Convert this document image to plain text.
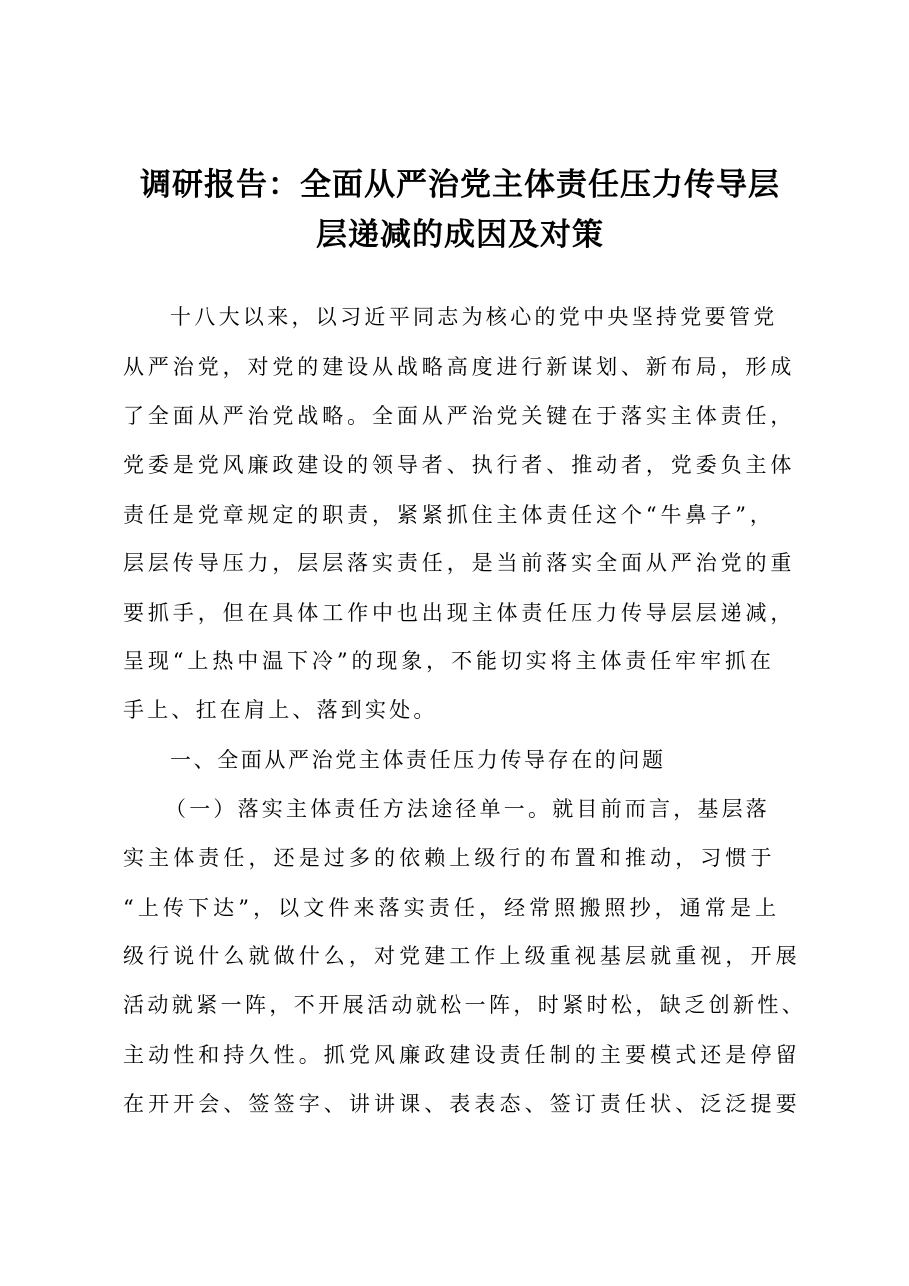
调研报告：全面从严治党主体责任压力传导层
层递减的成因及对策
十八大以来，以习近平同志为核心的党中央坚持党要管党
从严治党，对党的建设从战略高度进行新谋划、新布局，形成
了全面从严治党战略。全面从严治党关键在于落实主体责任，
党委是党风廉政建设的领导者、执行者、推动者，党委负主体
责任是党章规定的职责，紧紧抓住主体责任这个“牛鼻子”，
层层传导压力，层层落实责任，是当前落实全面从严治党的重
要抓手，但在具体工作中也出现主体责任压力传导层层递减，
呈现“上热中温下冷”的现象，不能切实将主体责任牢牢抓在
手上、扛在肩上、落到实处。
一、全面从严治党主体责任压力传导存在的问题
（一）落实主体责任方法途径单一。就目前而言，基层落
实主体责任，还是过多的依赖上级行的布置和推动，习惯于
“上传下达”，以文件来落实责任，经常照搬照抄，通常是上
级行说什么就做什么，对党建工作上级重视基层就重视，开展
活动就紧一阵，不开展活动就松一阵，时紧时松，缺乏创新性、
主动性和持久性。抓党风廉政建设责任制的主要模式还是停留
在开开会、签签字、讲讲课、表表态、签订责任状、泛泛提要
